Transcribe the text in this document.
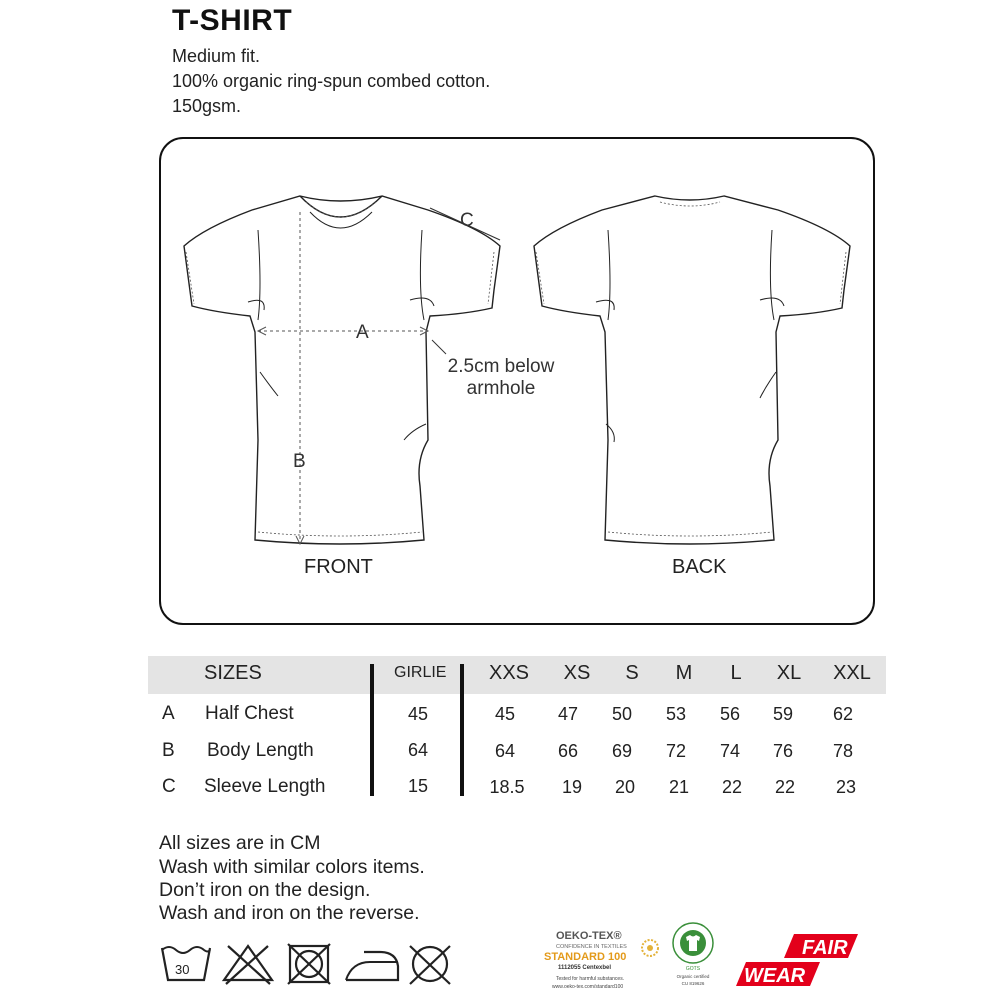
T-SHIRT
Medium fit.
100% organic ring-spun combed cotton.
150gsm.
A
B
C
2.5cm below
armhole
FRONT	BACK
SIZES	GIRLIE XXS	XS	S	M	L	XL	XXL
A Half Chest	45	45	47	50	53	56	59	62
B Body Length	64	64	66	69	72	74	76	78
C Sleeve Length	15	18.5	19	20	21	22	22	23
All sizes are in CM
Wash with similar colors items.
Don’t iron on the design.
Wash and iron on the reverse.
30
OEKO-TEX®
CONFIDENCE IN TEXTILES
STANDARD 100
1112055 Centexbel
Tested for harmful substances.
www.oeko-tex.com/standard100
GOTS
Organic certified
CU 819626
FAIR
WEAR
